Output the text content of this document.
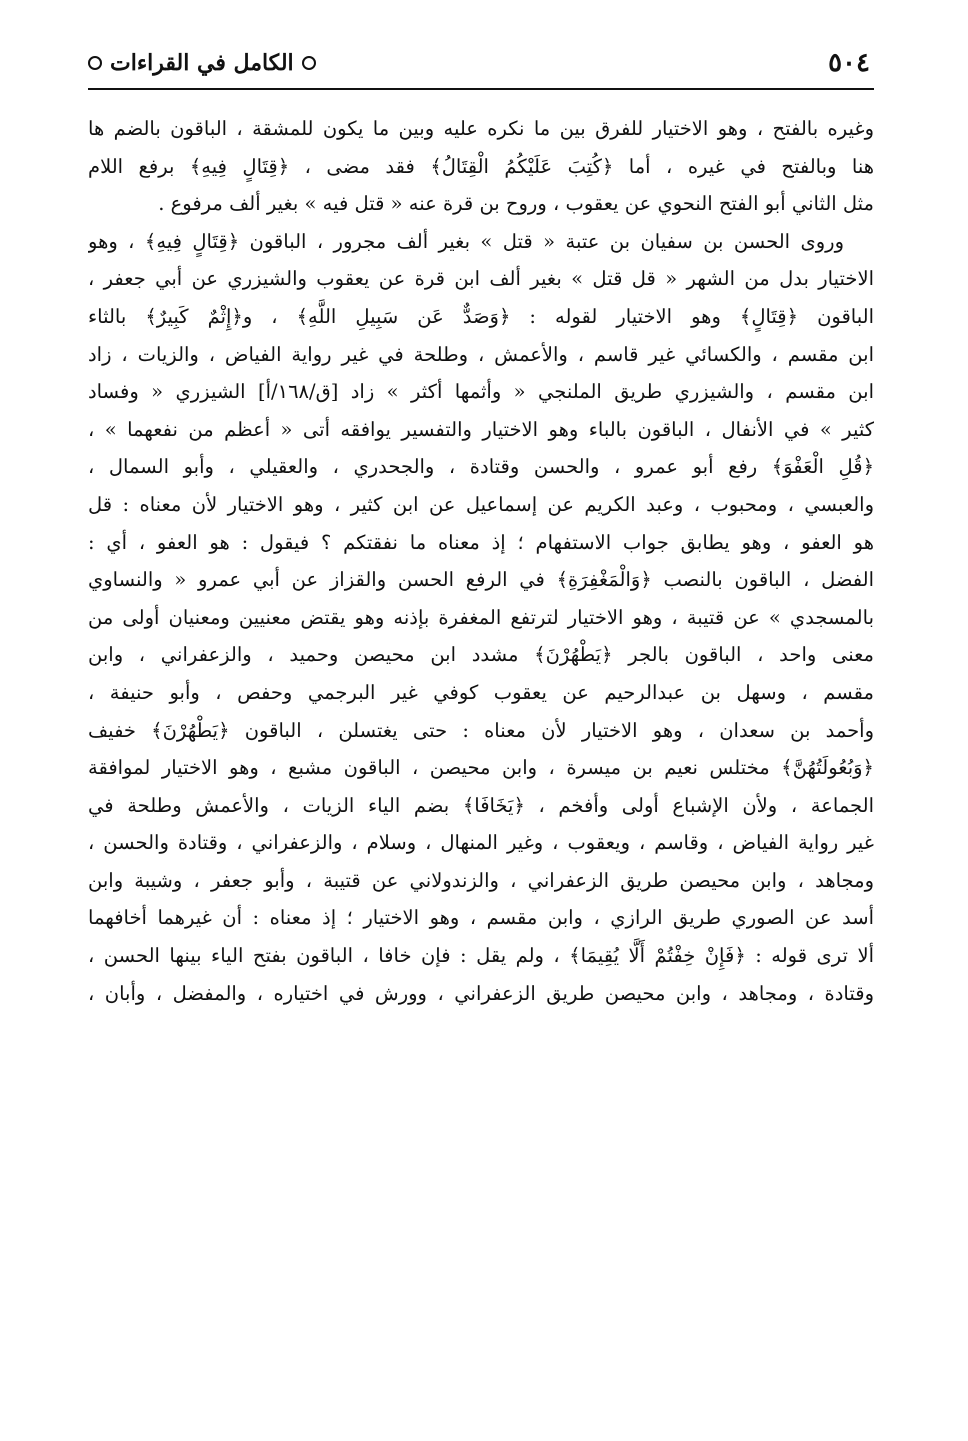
٥٠٤
الكامل في القراءات
وغيره بالفتح ، وهو الاختيار للفرق بين ما نكره عليه وبين ما يكون للمشقة ، الباقون بالضم ها
هنا وبالفتح في غيره ، أما ﴿كُتِبَ عَلَيْكُمُ الْقِتَالُ﴾ فقد مضى ، ﴿قِتَالٍ فِيهِ﴾ برفع اللام
مثل الثاني أبو الفتح النحوي عن يعقوب ، وروح بن قرة عنه « قتل فيه » بغير ألف مرفوع .
وروى الحسن بن سفيان بن عتبة « قتل » بغير ألف مجرور ، الباقون ﴿قِتَالٍ فِيهِ﴾ ، وهو
الاختيار بدل من الشهر « قل قتل » بغير ألف ابن قرة عن يعقوب والشيزري عن أبي جعفر ،
الباقون ﴿قِتَالٍ﴾ وهو الاختيار لقوله : ﴿وَصَدٌّ عَن سَبِيلِ اللَّهِ﴾ ، و﴿إِثْمٌ كَبِيرٌ﴾ بالثاء
ابن مقسم ، والكسائي غير قاسم ، والأعمش ، وطلحة في غير رواية الفياض ، والزيات ، زاد
ابن مقسم ، والشيزري طريق الملنجي « وأثمها أكثر » زاد [ق/١٦٨/أ] الشيزري « وفساد
كثير » في الأنفال ، الباقون بالباء وهو الاختيار والتفسير يوافقه أتى « أعظم من نفعهما » ،
﴿قُلِ الْعَفْوَ﴾ رفع أبو عمرو ، والحسن وقتادة ، والجحدري ، والعقيلي ، وأبو السمال ،
والعبسي ، ومحبوب ، وعبد الكريم عن إسماعيل عن ابن كثير ، وهو الاختيار لأن معناه : قل
هو العفو ، وهو يطابق جواب الاستفهام ؛ إذ معناه ما نفقتكم ؟ فيقول : هو العفو ، أي :
الفضل ، الباقون بالنصب ﴿وَالْمَغْفِرَةِ﴾ في الرفع الحسن والقزاز عن أبي عمرو « والنساوي
بالمسجدي » عن قتيبة ، وهو الاختيار لترتفع المغفرة بإذنه وهو يقتض معنيين ومعنيان أولى من
معنى واحد ، الباقون بالجر ﴿يَطْهُرْنَ﴾ مشدد ابن محيصن وحميد ، والزعفراني ، وابن
مقسم ، وسهل بن عبدالرحيم عن يعقوب كوفي غير البرجمي وحفص ، وأبو حنيفة ،
وأحمد بن سعدان ، وهو الاختيار لأن معناه : حتى يغتسلن ، الباقون ﴿يَطْهُرْنَ﴾ خفيف
﴿وَبُعُولَتُهُنَّ﴾ مختلس نعيم بن ميسرة ، وابن محيصن ، الباقون مشبع ، وهو الاختيار لموافقة
الجماعة ، ولأن الإشباع أولى وأفخم ، ﴿يَخَافَا﴾ بضم الياء الزيات ، والأعمش وطلحة في
غير رواية الفياض ، وقاسم ، ويعقوب ، وغير المنهال ، وسلام ، والزعفراني ، وقتادة والحسن ،
ومجاهد ، وابن محيصن طريق الزعفراني ، والزندولاني عن قتيبة ، وأبو جعفر ، وشيبة وابن
أسد عن الصوري طريق الرازي ، وابن مقسم ، وهو الاختيار ؛ إذ معناه : أن غيرهما أخافهما
ألا ترى قوله : ﴿فَإِنْ خِفْتُمْ أَلَّا يُقِيمَا﴾ ، ولم يقل : فإن خافا ، الباقون بفتح الياء بينها الحسن ،
وقتادة ، ومجاهد ، وابن محيصن طريق الزعفراني ، وورش في اختياره ، والمفضل ، وأبان ،
